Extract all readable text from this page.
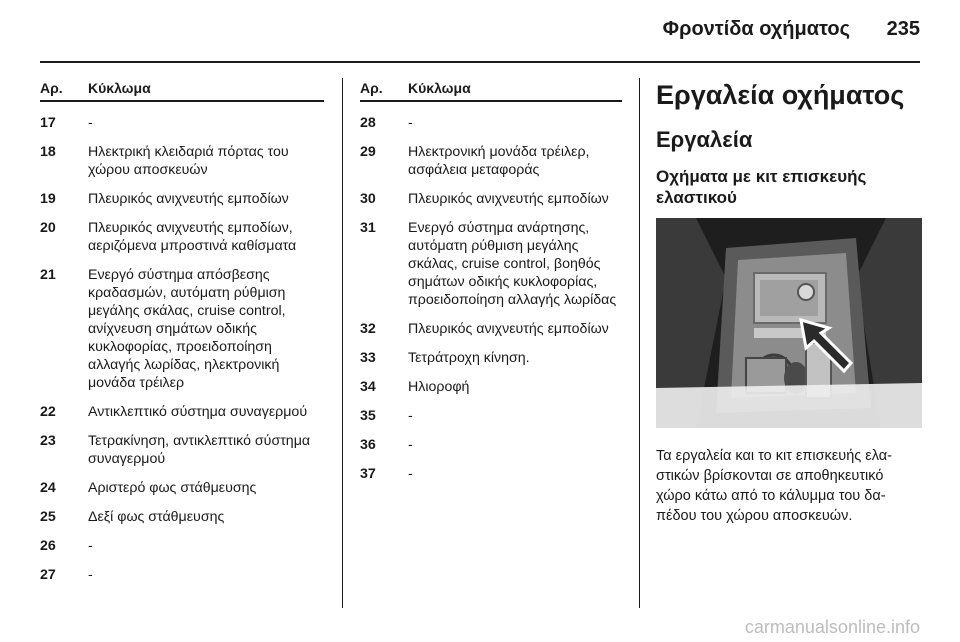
Φροντίδα οχήματος 235
Αρ.	Κύκλωμα
17	-
18	Ηλεκτρική κλειδαριά πόρτας του χώρου αποσκευών
19	Πλευρικός ανιχνευτής εμποδίων
20	Πλευρικός ανιχνευτής εμποδίων, αεριζόμενα μπροστινά καθίσματα
21	Ενεργό σύστημα απόσβεσης κραδασμών, αυτόματη ρύθμιση μεγάλης σκάλας, cruise control, ανίχνευση σημάτων οδικής κυκλοφορίας, προειδοποίηση αλλαγής λωρίδας, ηλεκτρονική μονάδα τρέιλερ
22	Αντικλεπτικό σύστημα συναγερμού
23	Τετρακίνηση, αντικλεπτικό σύστημα συναγερμού
24	Αριστερό φως στάθμευσης
25	Δεξί φως στάθμευσης
26	-
27	-
Αρ.	Κύκλωμα
28	-
29	Ηλεκτρονική μονάδα τρέιλερ, ασφάλεια μεταφοράς
30	Πλευρικός ανιχνευτής εμποδίων
31	Ενεργό σύστημα ανάρτησης, αυτόματη ρύθμιση μεγάλης σκάλας, cruise control, βοηθός σημάτων οδικής κυκλοφορίας, προειδοποίηση αλλαγής λωρίδας
32	Πλευρικός ανιχνευτής εμποδίων
33	Τετράτροχη κίνηση.
34	Ηλιοροφή
35	-
36	-
37	-
Εργαλεία οχήματος
Εργαλεία
Οχήματα με κιτ επισκευής ελαστικού
Τα εργαλεία και το κιτ επισκευής ελα-στικών βρίσκονται σε αποθηκευτικό χώρο κάτω από το κάλυμμα του δα-πέδου του χώρου αποσκευών.
carmanualsonline.info
